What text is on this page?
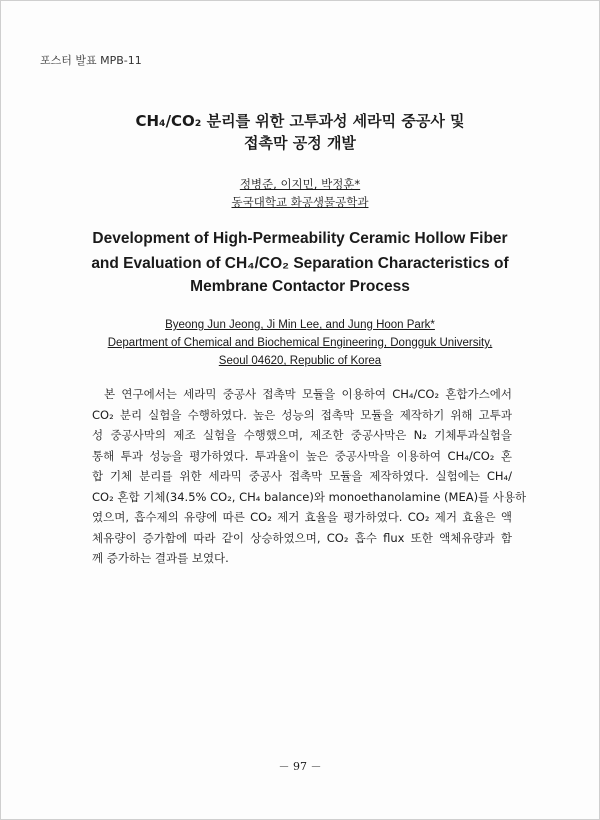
포스터 발표 MPB-11
CH₄/CO₂ 분리를 위한 고투과성 세라믹 중공사 및
접촉막 공정 개발
정병준, 이지민, 박정훈*
동국대학교 화공생물공학과
Development of High-Permeability Ceramic Hollow Fiber
and Evaluation of CH₄/CO₂ Separation Characteristics of
Membrane Contactor Process
Byeong Jun Jeong, Ji Min Lee, and Jung Hoon Park*
Department of Chemical and Biochemical Engineering, Dongguk University,
Seoul 04620, Republic of Korea
본 연구에서는 세라믹 중공사 접촉막 모듈을 이용하여 CH₄/CO₂ 혼합가스에서
CO₂ 분리 실험을 수행하였다. 높은 성능의 접촉막 모듈을 제작하기 위해 고투과
성 중공사막의 제조 실험을 수행했으며, 제조한 중공사막은 N₂ 기체투과실험을
통해 투과 성능을 평가하였다. 투과율이 높은 중공사막을 이용하여 CH₄/CO₂ 혼
합 기체 분리를 위한 세라믹 중공사 접촉막 모듈을 제작하였다. 실험에는 CH₄/
CO₂ 혼합 기체(34.5% CO₂, CH₄ balance)와 monoethanolamine (MEA)를 사용하
였으며, 흡수제의 유량에 따른 CO₂ 제거 효율을 평가하였다. CO₂ 제거 효율은 액
체유량이 증가함에 따라 같이 상승하였으며, CO₂ 흡수 flux 또한 액체유량과 함
께 증가하는 결과를 보였다.
－ 97 －
